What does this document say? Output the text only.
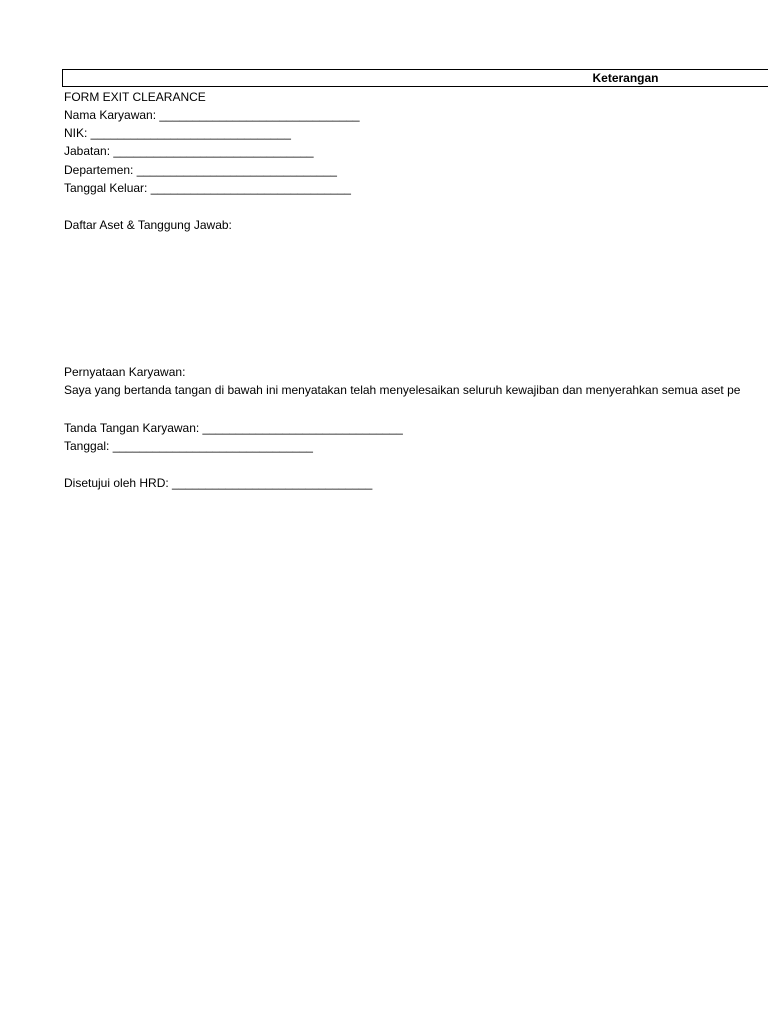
Keterangan
FORM EXIT CLEARANCE
Nama Karyawan: ______________________________
NIK: ______________________________
Jabatan: ______________________________
Departemen: ______________________________
Tanggal Keluar: ______________________________
Daftar Aset & Tanggung Jawab:
Pernyataan Karyawan:
Saya yang bertanda tangan di bawah ini menyatakan telah menyelesaikan seluruh kewajiban dan menyerahkan semua aset pe
Tanda Tangan Karyawan: ______________________________
Tanggal: ______________________________
Disetujui oleh HRD: ______________________________
